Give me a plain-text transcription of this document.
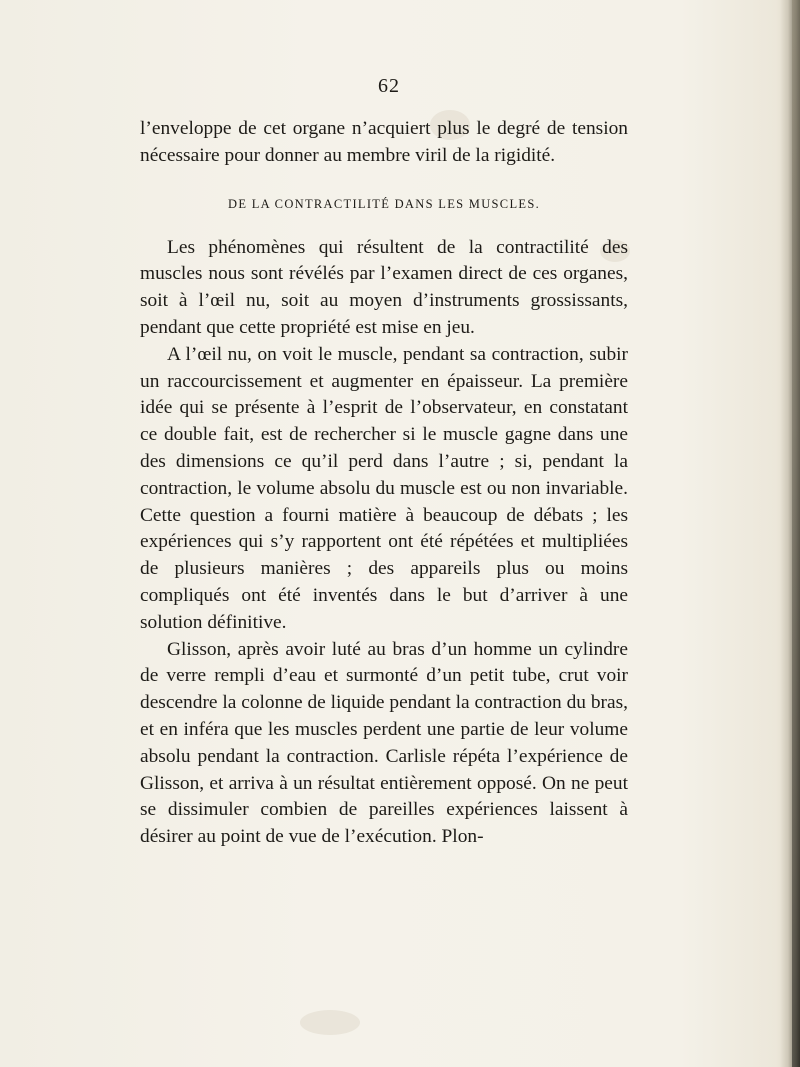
62

l’enveloppe de cet organe n’acquiert plus le degré de tension nécessaire pour donner au membre viril de la rigidité.

DE LA CONTRACTILITÉ DANS LES MUSCLES.

Les phénomènes qui résultent de la contractilité des muscles nous sont révélés par l’examen direct de ces organes, soit à l’œil nu, soit au moyen d’instruments grossissants, pendant que cette propriété est mise en jeu.

A l’œil nu, on voit le muscle, pendant sa contraction, subir un raccourcissement et augmenter en épaisseur. La première idée qui se présente à l’esprit de l’observateur, en constatant ce double fait, est de rechercher si le muscle gagne dans une des dimensions ce qu’il perd dans l’autre ; si, pendant la contraction, le volume absolu du muscle est ou non invariable. Cette question a fourni matière à beaucoup de débats ; les expériences qui s’y rapportent ont été répétées et multipliées de plusieurs manières ; des appareils plus ou moins compliqués ont été inventés dans le but d’arriver à une solution définitive.

Glisson, après avoir luté au bras d’un homme un cylindre de verre rempli d’eau et surmonté d’un petit tube, crut voir descendre la colonne de liquide pendant la contraction du bras, et en inféra que les muscles perdent une partie de leur volume absolu pendant la contraction. Carlisle répéta l’expérience de Glisson, et arriva à un résultat entièrement opposé. On ne peut se dissimuler combien de pareilles expériences laissent à désirer au point de vue de l’exécution. Plon-
